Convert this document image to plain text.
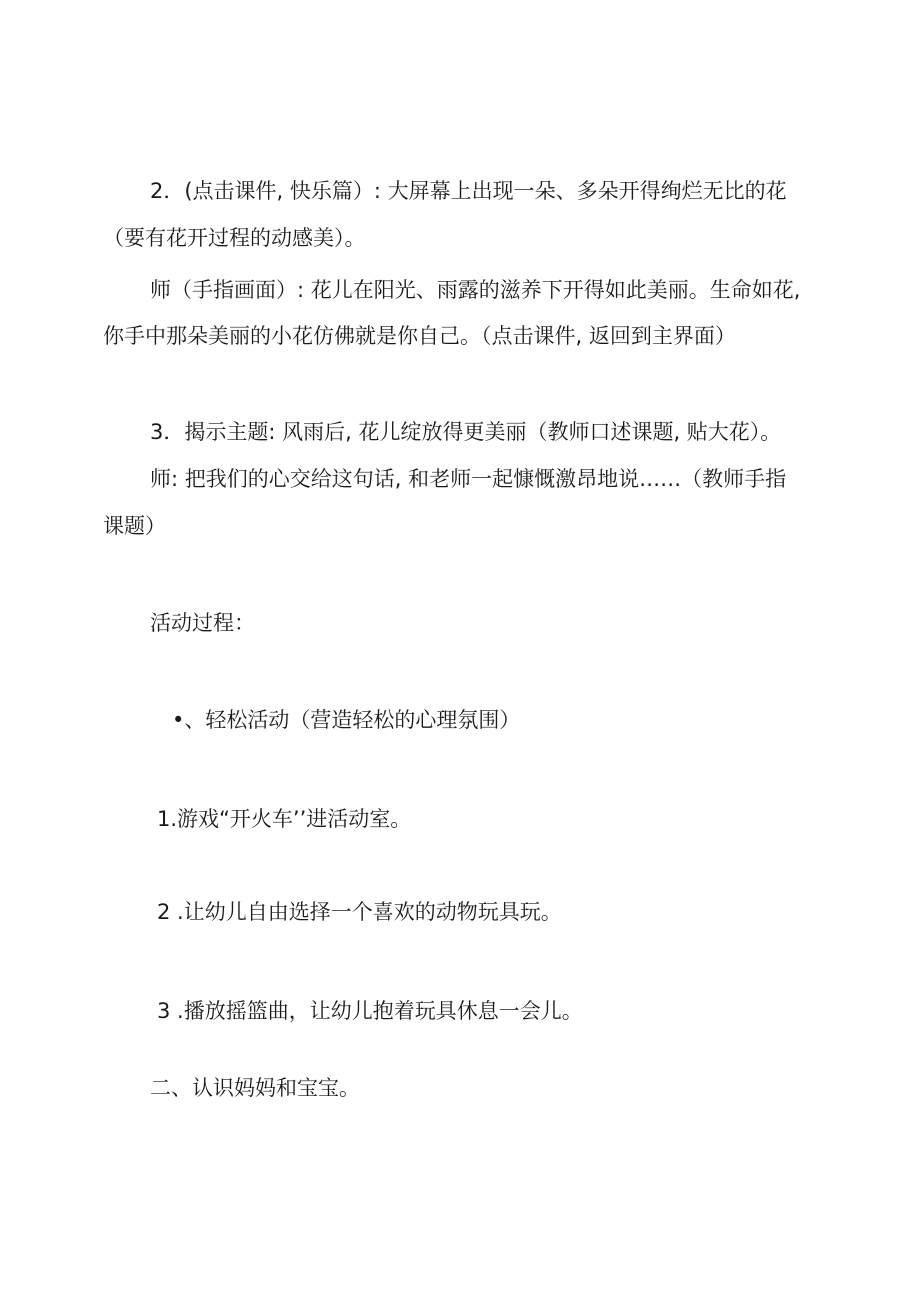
2．(点击课件, 快乐篇）: 大屏幕上出现一朵、多朵开得绚烂无比的花
（要有花开过程的动感美）。
师（手指画面）: 花儿在阳光、雨露的滋养下开得如此美丽。生命如花,
你手中那朵美丽的小花仿佛就是你自己。（点击课件, 返回到主界面）
3．揭示主题: 风雨后, 花儿绽放得更美丽（教师口述课题, 贴大花）。
师: 把我们的心交给这句话, 和老师一起慷慨激昂地说……（教师手指
课题）
活动过程：
•、轻松活动（营造轻松的心理氛围）
1.游戏“开火车’’进活动室。
2 .让幼儿自由选择一个喜欢的动物玩具玩。
3 .播放摇篮曲，让幼儿抱着玩具休息一会儿。
二、认识妈妈和宝宝。
